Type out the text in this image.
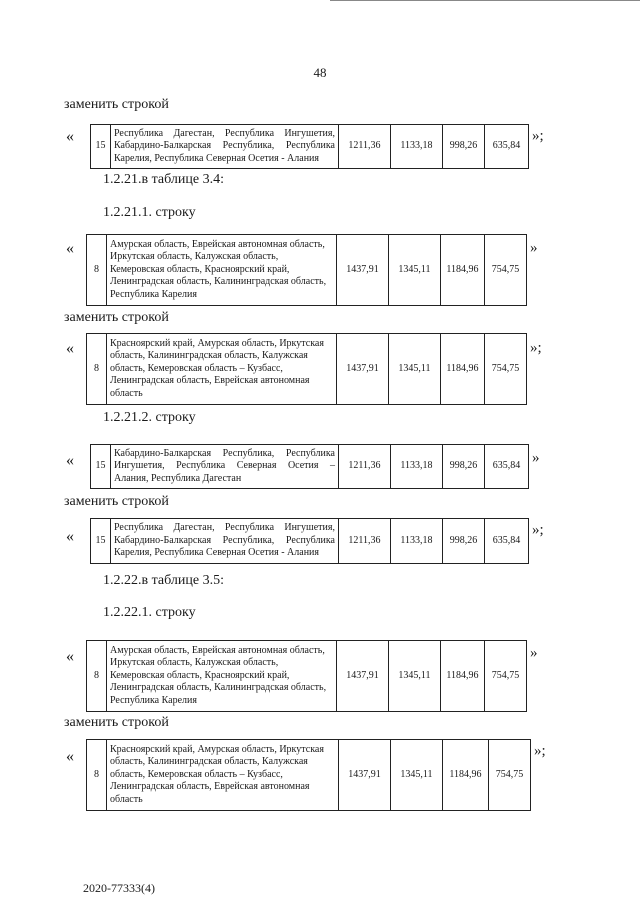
48
заменить строкой
«
15	Республика Дагестан, Республика Ингушетия, Кабардино-Балкарская Республика, Республика Карелия, Республика Северная Осетия - Алания	1211,36	1133,18	998,26	635,84
»;
1.2.21.в таблице 3.4:
1.2.21.1. строку
«
8	Амурская область, Еврейская автономная область, Иркутская область, Калужская область, Кемеровская область, Красноярский край, Ленинградская область, Калининградская область, Республика Карелия	1437,91	1345,11	1184,96	754,75
»
заменить строкой
«
8	Красноярский край, Амурская область, Иркутская область, Калининградская область, Калужская область, Кемеровская область – Кузбасс, Ленинградская область, Еврейская автономная область	1437,91	1345,11	1184,96	754,75
»;
1.2.21.2. строку
« 15	Кабардино-Балкарская Республика, Республика Ингушетия, Республика Северная Осетия – Алания, Республика Дагестан	1211,36	1133,18	998,26	635,84 »
заменить строкой
« 15	Республика Дагестан, Республика Ингушетия, Кабардино-Балкарская Республика, Республика Карелия, Республика Северная Осетия - Алания	1211,36	1133,18	998,26	635,84
»;
1.2.22.в таблице 3.5:
1.2.22.1. строку
«
8	Амурская область, Еврейская автономная область, Иркутская область, Калужская область, Кемеровская область, Красноярский край, Ленинградская область, Калининградская область, Республика Карелия	1437,91	1345,11	1184,96	754,75
»
заменить строкой
«
8	Красноярский край, Амурская область, Иркутская область, Калининградская область, Калужская область, Кемеровская область – Кузбасс, Ленинградская область, Еврейская автономная область	1437,91	1345,11	1184,96	754,75
»;
2020-77333(4)
